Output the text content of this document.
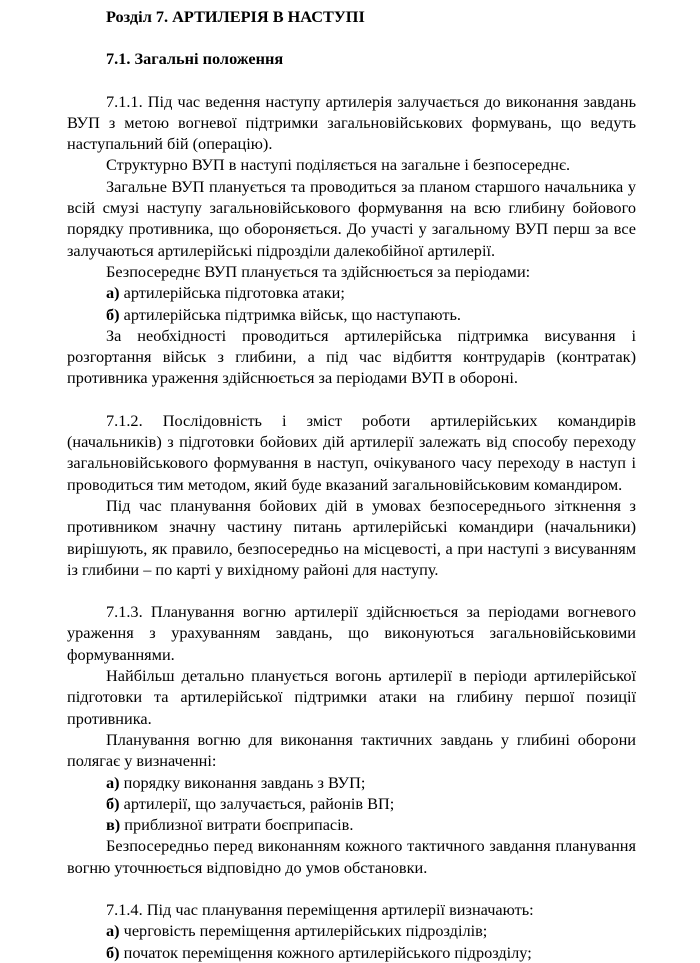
Розділ 7. АРТИЛЕРІЯ В НАСТУПІ
7.1. Загальні положення

7.1.1. Під час ведення наступу артилерія залучається до виконання завдань ВУП з метою вогневої підтримки загальновійськових формувань, що ведуть наступальний бій (операцію).

Структурно ВУП в наступі поділяється на загальне і безпосереднє.

Загальне ВУП планується та проводиться за планом старшого начальника у всій смузі наступу загальновійськового формування на всю глибину бойового порядку противника, що обороняється. До участі у загальному ВУП перш за все залучаються артилерійські підрозділи далекобійної артилерії.

Безпосереднє ВУП планується та здійснюється за періодами:

а) артилерійська підготовка атаки;
б) артилерійська підтримка військ, що наступають.

За необхідності проводиться артилерійська підтримка висування і розгортання військ з глибини, а під час відбиття контрударів (контратак) противника ураження здійснюється за періодами ВУП в обороні.

7.1.2. Послідовність і зміст роботи артилерійських командирів (начальників) з підготовки бойових дій артилерії залежать від способу переходу загальновійськового формування в наступ, очікуваного часу переходу в наступ і проводиться тим методом, який буде вказаний загальновійськовим командиром.

Під час планування бойових дій в умовах безпосереднього зіткнення з противником значну частину питань артилерійські командири (начальники) вирішують, як правило, безпосередньо на місцевості, а при наступі з висуванням із глибини – по карті у вихідному районі для наступу.

7.1.3. Планування вогню артилерії здійснюється за періодами вогневого ураження з урахуванням завдань, що виконуються загальновійськовими формуваннями.

Найбільш детально планується вогонь артилерії в періоди артилерійської підготовки та артилерійської підтримки атаки на глибину першої позиції противника.

Планування вогню для виконання тактичних завдань у глибині оборони полягає у визначенні:

а) порядку виконання завдань з ВУП;
б) артилерії, що залучається, районів ВП;
в) приблизної витрати боєприпасів.

Безпосередньо перед виконанням кожного тактичного завдання планування вогню уточнюється відповідно до умов обстановки.

7.1.4. Під час планування переміщення артилерії визначають:

а) черговість переміщення артилерійських підрозділів;
б) початок переміщення кожного артилерійського підрозділу;
